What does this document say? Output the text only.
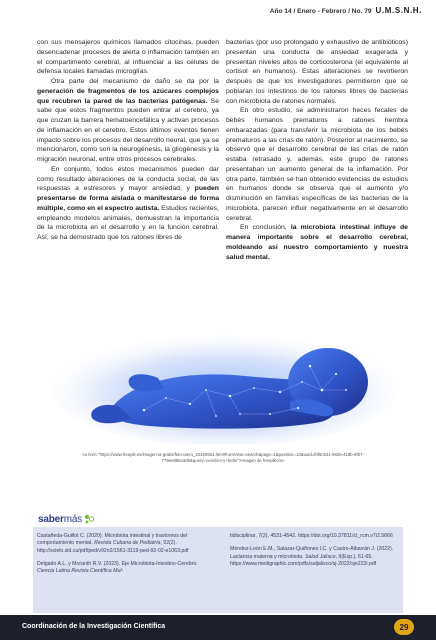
Año 14 / Enero - Febrero / No. 79 U.M.S.N.H.

con sus mensajeros químicos llamados citocinas, pueden desencadenar procesos de alerta o inflamación también en el compartimento cerebral, al influenciar a las células de defensa locales llamadas microglías.

Otra parte del mecanismo de daño se da por la generación de fragmentos de los azúcares complejos que recubren la pared de las bacterias patógenas. Se sabe que estos fragmentos pueden entrar al cerebro, ya que cruzan la barrera hematoencefálica y activan procesos de inflamación en el cerebro. Estos últimos eventos tienen impacto sobre los procesos del desarrollo neural, que ya se mencionaron, como son la neurogénesis, la gliogénesis y la migración neuronal, entre otros procesos cerebrales.

En conjunto, todos estos mecanismos pueden dar como resultado alteraciones de la conducta social, de las respuestas a estresores y mayor ansiedad, y pueden presentarse de forma aislada o manifestarse de forma múltiple, como en el espectro autista. Estudios recientes, empleando modelos animales, demuestran la importancia de la microbiota en el desarrollo y en la función cerebral. Así, se ha demostrado que los ratones libres de

bacterias (por uso prolongado y exhaustivo de antibióticos) presentan una conducta de ansiedad exagerada y presentan niveles altos de corticosterona (el equivalente al cortisol en humanos). Estas alteraciones se revirtieron después de que los investigadores permitieron que se poblaran los intestinos de los ratones libres de bacterias con microbiota de ratones normales.

En otro estudio, se administraron heces fecales de bebés humanos prematuros a ratones hembra embarazadas (para transferir la microbiota de los bebés prematuros a las crías de ratón). Posterior al nacimiento, se observó que el desarrollo cerebral de las crías de ratón estaba retrasado y, además, este grupo de ratones presentaban un aumento general de la inflamación. Por otra parte, también se han obtenido evidencias de estudios en humanos donde se observa que el aumento y/o disminución en familias específicas de las bacterias de la microbiota, parecen influir negativamente en el desarrollo cerebral.

En conclusión, la microbiota intestinal influye de manera importante sobre el desarrollo cerebral, moldeando así nuestro comportamiento y nuestra salud mental.

<a href="https://www.freepik.es/imagen-ia-gratis/feto-utero_22460664.htm#fromView=search&page=1&position=13&uuid=f0f6c541-992b-418b-8f07-779ee886ca0b&query=cerebro+y+bebe">Imagen de freepik</a>
sabermás

Castañeda-Guillot C. (2020). Microbiota intestinal y trastornos del comportamiento mental. Revista Cubana de Pediatría, 92(2). http://scielo.sld.cu/pdf/ped/v92n2/1561-3119-ped-92-02-e1063.pdf

Delgado A.L. y Moranth R.V. (2023). Eje Microbiota-Intestino-Cerebro. Ciencia Latina Revista Científica Mul-

tidisciplinar, 7(2), 4531-4542. https://doi.org/10.37811/cl_rcm.v7i2.5666

Méndez-León E.M., Salazar-Quiñones I.C. y Castro-Albarrán J. (2022). Lactancia materna y microbiota. Salud Jalisco, 9(Esp.), 61-65. https://www.medigraphic.com/pdfs/saljalisco/sj-2022/sje222i.pdf

Coordinación de la Investigación Científica	29
